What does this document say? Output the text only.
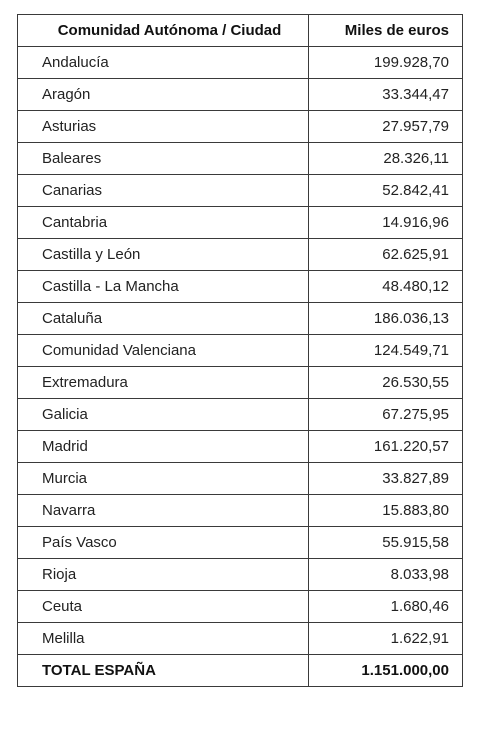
Comunidad Autónoma / Ciudad	Miles de euros
Andalucía	199.928,70
Aragón	33.344,47
Asturias	27.957,79
Baleares	28.326,11
Canarias	52.842,41
Cantabria	14.916,96
Castilla y León	62.625,91
Castilla - La Mancha	48.480,12
Cataluña	186.036,13
Comunidad Valenciana	124.549,71
Extremadura	26.530,55
Galicia	67.275,95
Madrid	161.220,57
Murcia	33.827,89
Navarra	15.883,80
País Vasco	55.915,58
Rioja	8.033,98
Ceuta	1.680,46
Melilla	1.622,91
TOTAL ESPAÑA	1.151.000,00
